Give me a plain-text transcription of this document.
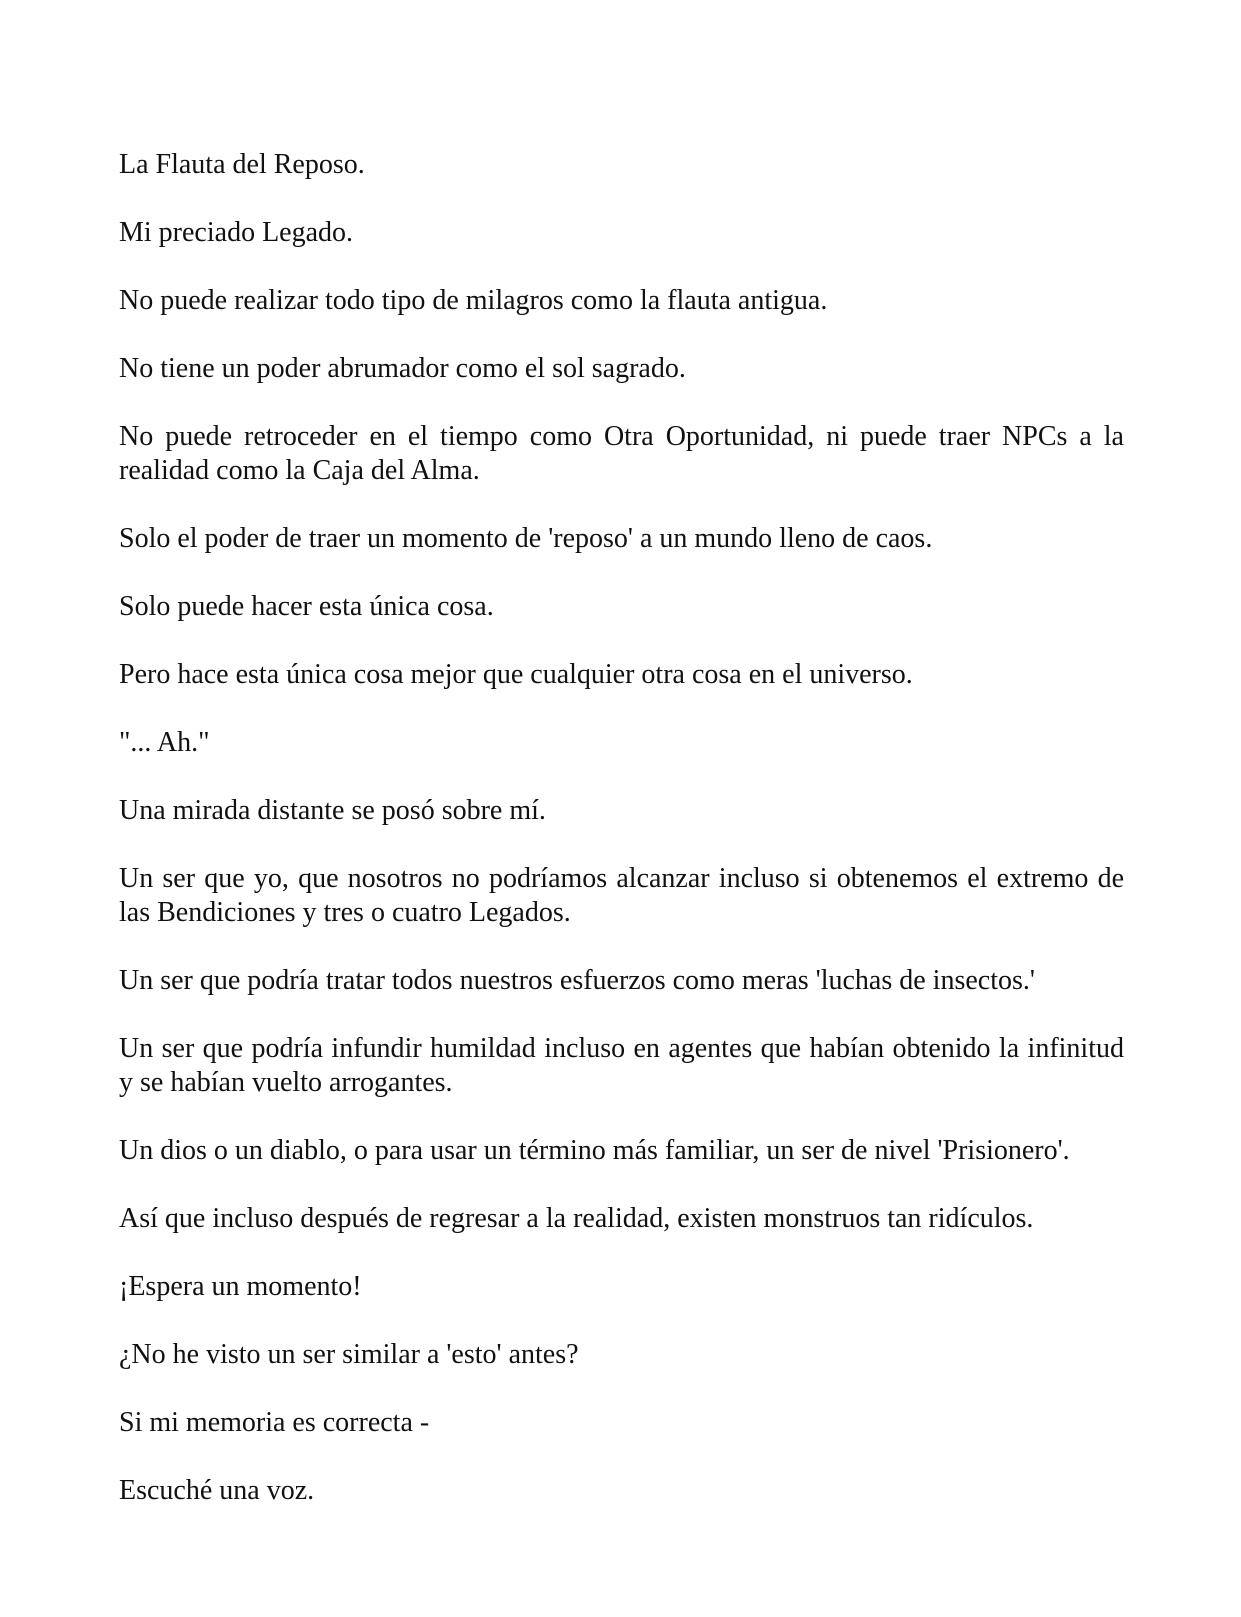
La Flauta del Reposo.

Mi preciado Legado.

No puede realizar todo tipo de milagros como la flauta antigua.

No tiene un poder abrumador como el sol sagrado.

No puede retroceder en el tiempo como Otra Oportunidad, ni puede traer NPCs a la realidad como la Caja del Alma.

Solo el poder de traer un momento de 'reposo' a un mundo lleno de caos.

Solo puede hacer esta única cosa.

Pero hace esta única cosa mejor que cualquier otra cosa en el universo.

"... Ah."

Una mirada distante se posó sobre mí.

Un ser que yo, que nosotros no podríamos alcanzar incluso si obtenemos el extremo de las Bendiciones y tres o cuatro Legados.

Un ser que podría tratar todos nuestros esfuerzos como meras 'luchas de insectos.'

Un ser que podría infundir humildad incluso en agentes que habían obtenido la infinitud y se habían vuelto arrogantes.

Un dios o un diablo, o para usar un término más familiar, un ser de nivel 'Prisionero'.

Así que incluso después de regresar a la realidad, existen monstruos tan ridículos.

¡Espera un momento!

¿No he visto un ser similar a 'esto' antes?

Si mi memoria es correcta -

Escuché una voz.
